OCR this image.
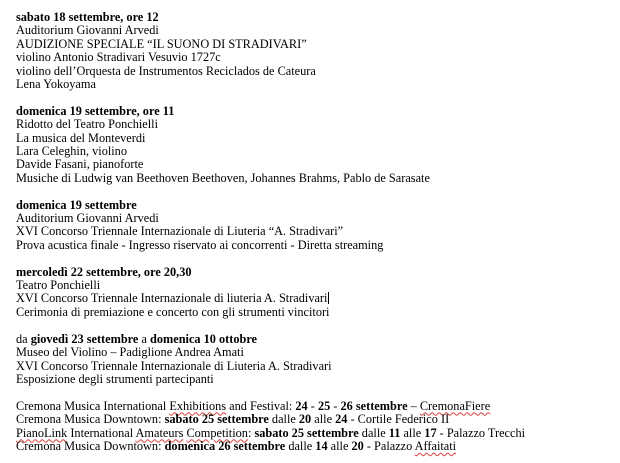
sabato 18 settembre, ore 12
Auditorium Giovanni Arvedi
AUDIZIONE SPECIALE “IL SUONO DI STRADIVARI”
violino Antonio Stradivari Vesuvio 1727c
violino dell’Orquesta de Instrumentos Reciclados de Cateura
Lena Yokoyama
domenica 19 settembre, ore 11
Ridotto del Teatro Ponchielli
La musica del Monteverdi
Lara Celeghin, violino
Davide Fasani, pianoforte
Musiche di Ludwig van Beethoven Beethoven, Johannes Brahms, Pablo de Sarasate
domenica 19 settembre
Auditorium Giovanni Arvedi
XVI Concorso Triennale Internazionale di Liuteria “A. Stradivari”
Prova acustica finale - Ingresso riservato ai concorrenti - Diretta streaming
mercoledì 22 settembre, ore 20,30
Teatro Ponchielli
XVI Concorso Triennale Internazionale di liuteria A. Stradivari
Cerimonia di premiazione e concerto con gli strumenti vincitori
da giovedì 23 settembre a domenica 10 ottobre
Museo del Violino – Padiglione Andrea Amati
XVI Concorso Triennale Internazionale di Liuteria A. Stradivari
Esposizione degli strumenti partecipanti
Cremona Musica International Exhibitions and Festival: 24 - 25 - 26 settembre – CremonaFiere
Cremona Musica Downtown: sabato 25 settembre dalle 20 alle 24 - Cortile Federico II
PianoLink International Amateurs Competition: sabato 25 settembre dalle 11 alle 17 - Palazzo Trecchi
Cremona Musica Downtown: domenica 26 settembre dalle 14 alle 20 - Palazzo Affaitati
